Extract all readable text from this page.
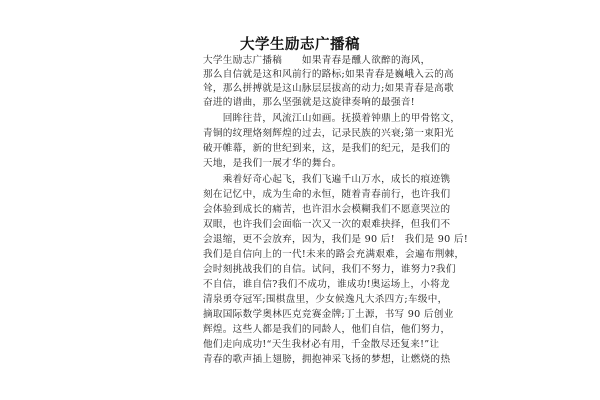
大学生励志广播稿
大学生励志广播稿　　如果青春是醺人欲醉的海风，
那么自信就是这和风前行的路标;如果青春是巍峨入云的高
耸，那么拼搏就是这山脉层层拔高的动力;如果青春是高歌
奋进的谱曲，那么坚强就是这旋律奏响的最强音!
　　回眸往昔，风流江山如画。抚摸着钟鼎上的甲骨铭文，
青铜的纹理烙刻辉煌的过去，记录民族的兴衰;第一束阳光
破开帷幕，新的世纪到来，这，是我们的纪元，是我们的
天地，是我们一展才华的舞台。
　　乘着好奇心起飞，我们飞遍千山万水，成长的痕迹镌
刻在记忆中，成为生命的永恒，随着青春前行，也许我们
会体验到成长的痛苦，也许泪水会模糊我们不愿意哭泣的
双眼，也许我们会面临一次又一次的艰难抉择，但我们不
会退缩，更不会放弃，因为，我们是 90 后!　我们是 90 后!
我们是自信向上的一代!未来的路会充满艰难，会遍布荆棘，
会时刻挑战我们的自信。试问，我们不努力，谁努力?我们
不自信，谁自信?我们不成功，谁成功!奥运场上，小将龙
清泉勇夺冠军;围棋盘里，少女候逸凡大杀四方;车级中，
摘取国际数学奥林匹克竞赛金牌;丁土源，书写 90 后创业
辉煌。这些人都是我们的同龄人，他们自信，他们努力，
他们走向成功!“天生我材必有用，千金散尽还复来!”让
青春的歌声插上翅膀，拥抱神采飞扬的梦想，让燃烧的热
